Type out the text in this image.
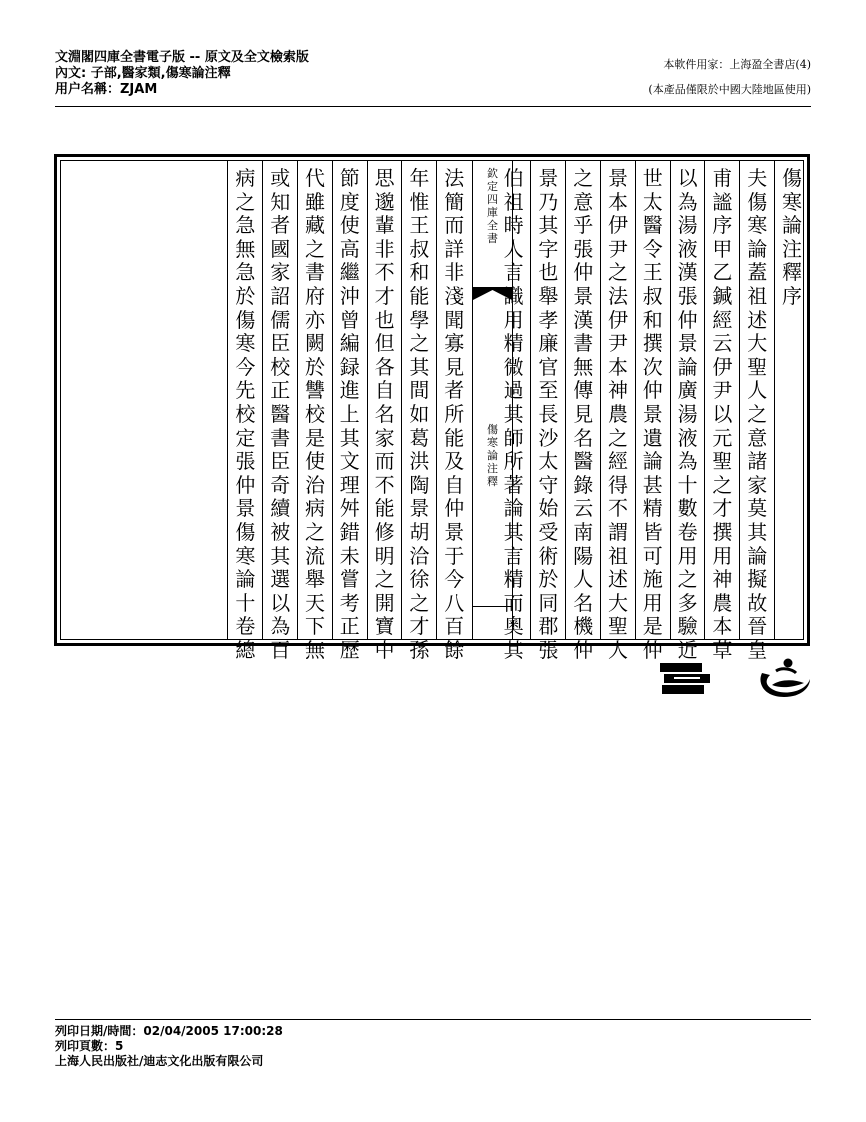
文淵閣四庫全書電子版 -- 原文及全文檢索版
內文: 子部,醫家類,傷寒論注釋
用户名稱：ZJAM
本軟件用家：上海盈全書店(4)
(本產品僅限於中國大陸地區使用)
欽
定
四
庫
全
書
傷
寒
論
注
釋
傷
寒
論
注
釋
序
夫
傷
寒
論
蓋
祖
述
大
聖
人
之
意
諸
家
莫
其
論
擬
故
晉
皇
甫
謐
序
甲
乙
鍼
經
云
伊
尹
以
元
聖
之
才
撰
用
神
農
本
草
以
為
湯
液
漢
張
仲
景
論
廣
湯
液
為
十
數
卷
用
之
多
驗
近
世
太
醫
令
王
叔
和
撰
次
仲
景
遺
論
甚
精
皆
可
施
用
是
仲
景
本
伊
尹
之
法
伊
尹
本
神
農
之
經
得
不
謂
祖
述
大
聖
人
之
意
乎
張
仲
景
漢
書
無
傳
見
名
醫
錄
云
南
陽
人
名
機
仲
景
乃
其
字
也
舉
孝
廉
官
至
長
沙
太
守
始
受
術
於
同
郡
張
伯
祖
時
人
言
識
用
精
微
過
其
師
所
著
論
其
言
精
而
奧
其
法
簡
而
詳
非
淺
聞
寡
見
者
所
能
及
自
仲
景
于
今
八
百
餘
年
惟
王
叔
和
能
學
之
其
間
如
葛
洪
陶
景
胡
洽
徐
之
才
孫
思
邈
輩
非
不
才
也
但
各
自
名
家
而
不
能
修
明
之
開
寶
中
節
度
使
高
繼
沖
曾
編
録
進
上
其
文
理
舛
錯
未
嘗
考
正
歷
代
雖
藏
之
書
府
亦
闕
於
讐
校
是
使
治
病
之
流
舉
天
下
無
或
知
者
國
家
詔
儒
臣
校
正
醫
書
臣
奇
續
被
其
選
以
為
百
病
之
急
無
急
於
傷
寒
今
先
校
定
張
仲
景
傷
寒
論
十
卷
總
列印日期/時間：02/04/2005 17:00:28
列印頁數：5
上海人民出版社/迪志文化出版有限公司
